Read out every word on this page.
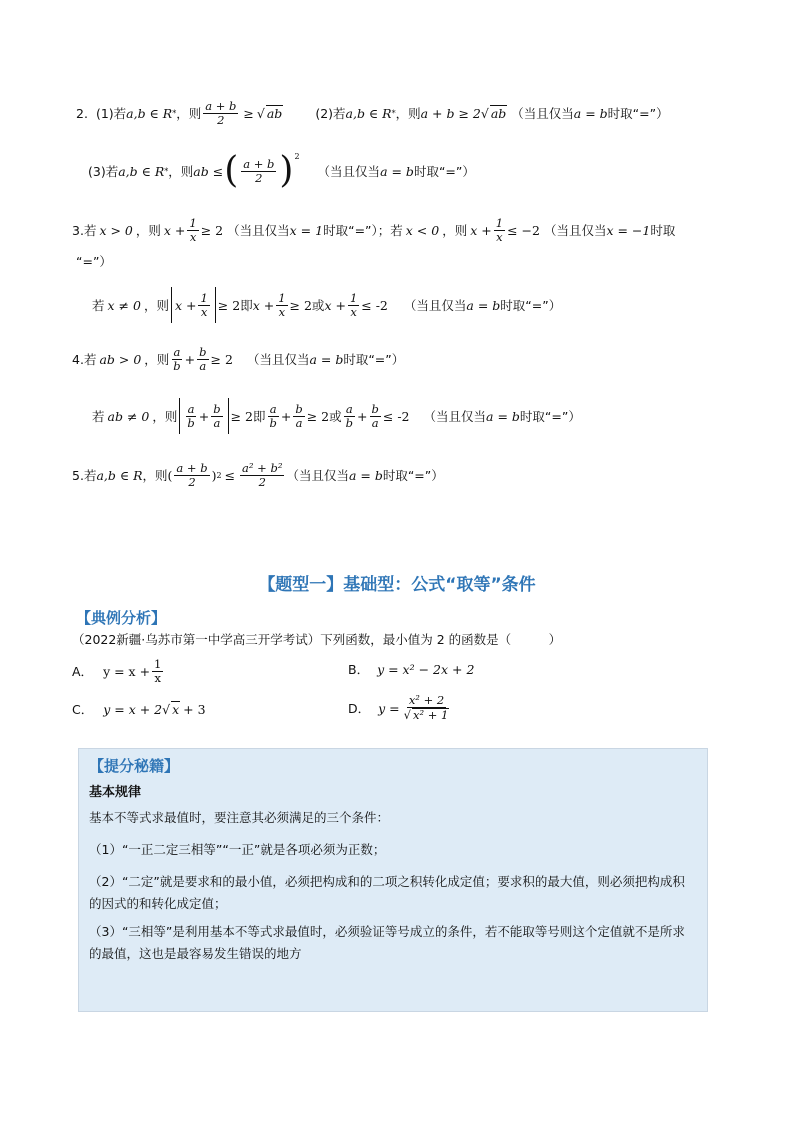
2. (1)若 a,b ∈ R * ，则 $\frac{a + b}{2}$ ≥ √ ab	(2)若 a,b ∈ R * ，则 a + b ≥ 2 √ ab （当且仅当 a = b 时取“=”）
(3)若 a,b ∈ R * ，则 ab ≤ ( $\frac{a + b}{2} )^2$
（当且仅当 a = b 时取“=”）
3. 若 x > 0 ，则 $x + \frac{1}{x} \ge 2$ （当且仅当 x = 1 时取“=”）；若 x < 0 ，则 $x + \frac{1}{x} \le -2$ （当且仅当 x = −1 时取
“=”）
若 x ≠ 0 ，则 $x + \frac{1}{x} \ge 2$即 $x + \frac{1}{x} \ge 2$或 $x + \frac{1}{x} \le -2$ （当且仅当 a = b 时取“=”）
4. 若 ab > 0 ，则 $\frac{a}{b} + \frac{b}{a} \ge 2$ （当且仅当 a = b 时取“=”）
若 ab ≠ 0 ，则 $\frac{a}{b} + \frac{b}{a} \ge 2$即 $\frac{a}{b} + \frac{b}{a} \ge 2$或 $\frac{a}{b} + \frac{b}{a} \le -2$ （当且仅当 a = b 时取“=”）
5. 若 a,b ∈ R ，则 ( $\frac{a + b}{2}$ ) $2 \le \frac{\text{a² + b²}}{2}$ （当且仅当 a = b 时取“=”）
【题型一】基础型：公式“取等”条件
【典例分析】
（2022新疆·乌苏市第一中学高三开学考试）下列函数，最小值为 2 的函数是（　　　）
A． $y = x + \frac{1}{x}$	B． y = x² − 2x + 2
C． y = x + 2 √ x + 3	D． $y = \frac{\text{x² + 2}}{\text{√ x² + 1}}$
【提分秘籍】
基本规律
基本不等式求最值时，要注意其必须满足的三个条件：
（1）“一正二定三相等”“一正”就是各项必须为正数；
（2）“二定”就是要求和的最小值，必须把构成和的二项之积转化成定值；要求积的最大值，则必须把构成积的因式的和转化成定值；
（3）“三相等”是利用基本不等式求最值时，必须验证等号成立的条件，若不能取等号则这个定值就不是所求的最值，这也是最容易发生错误的地方
